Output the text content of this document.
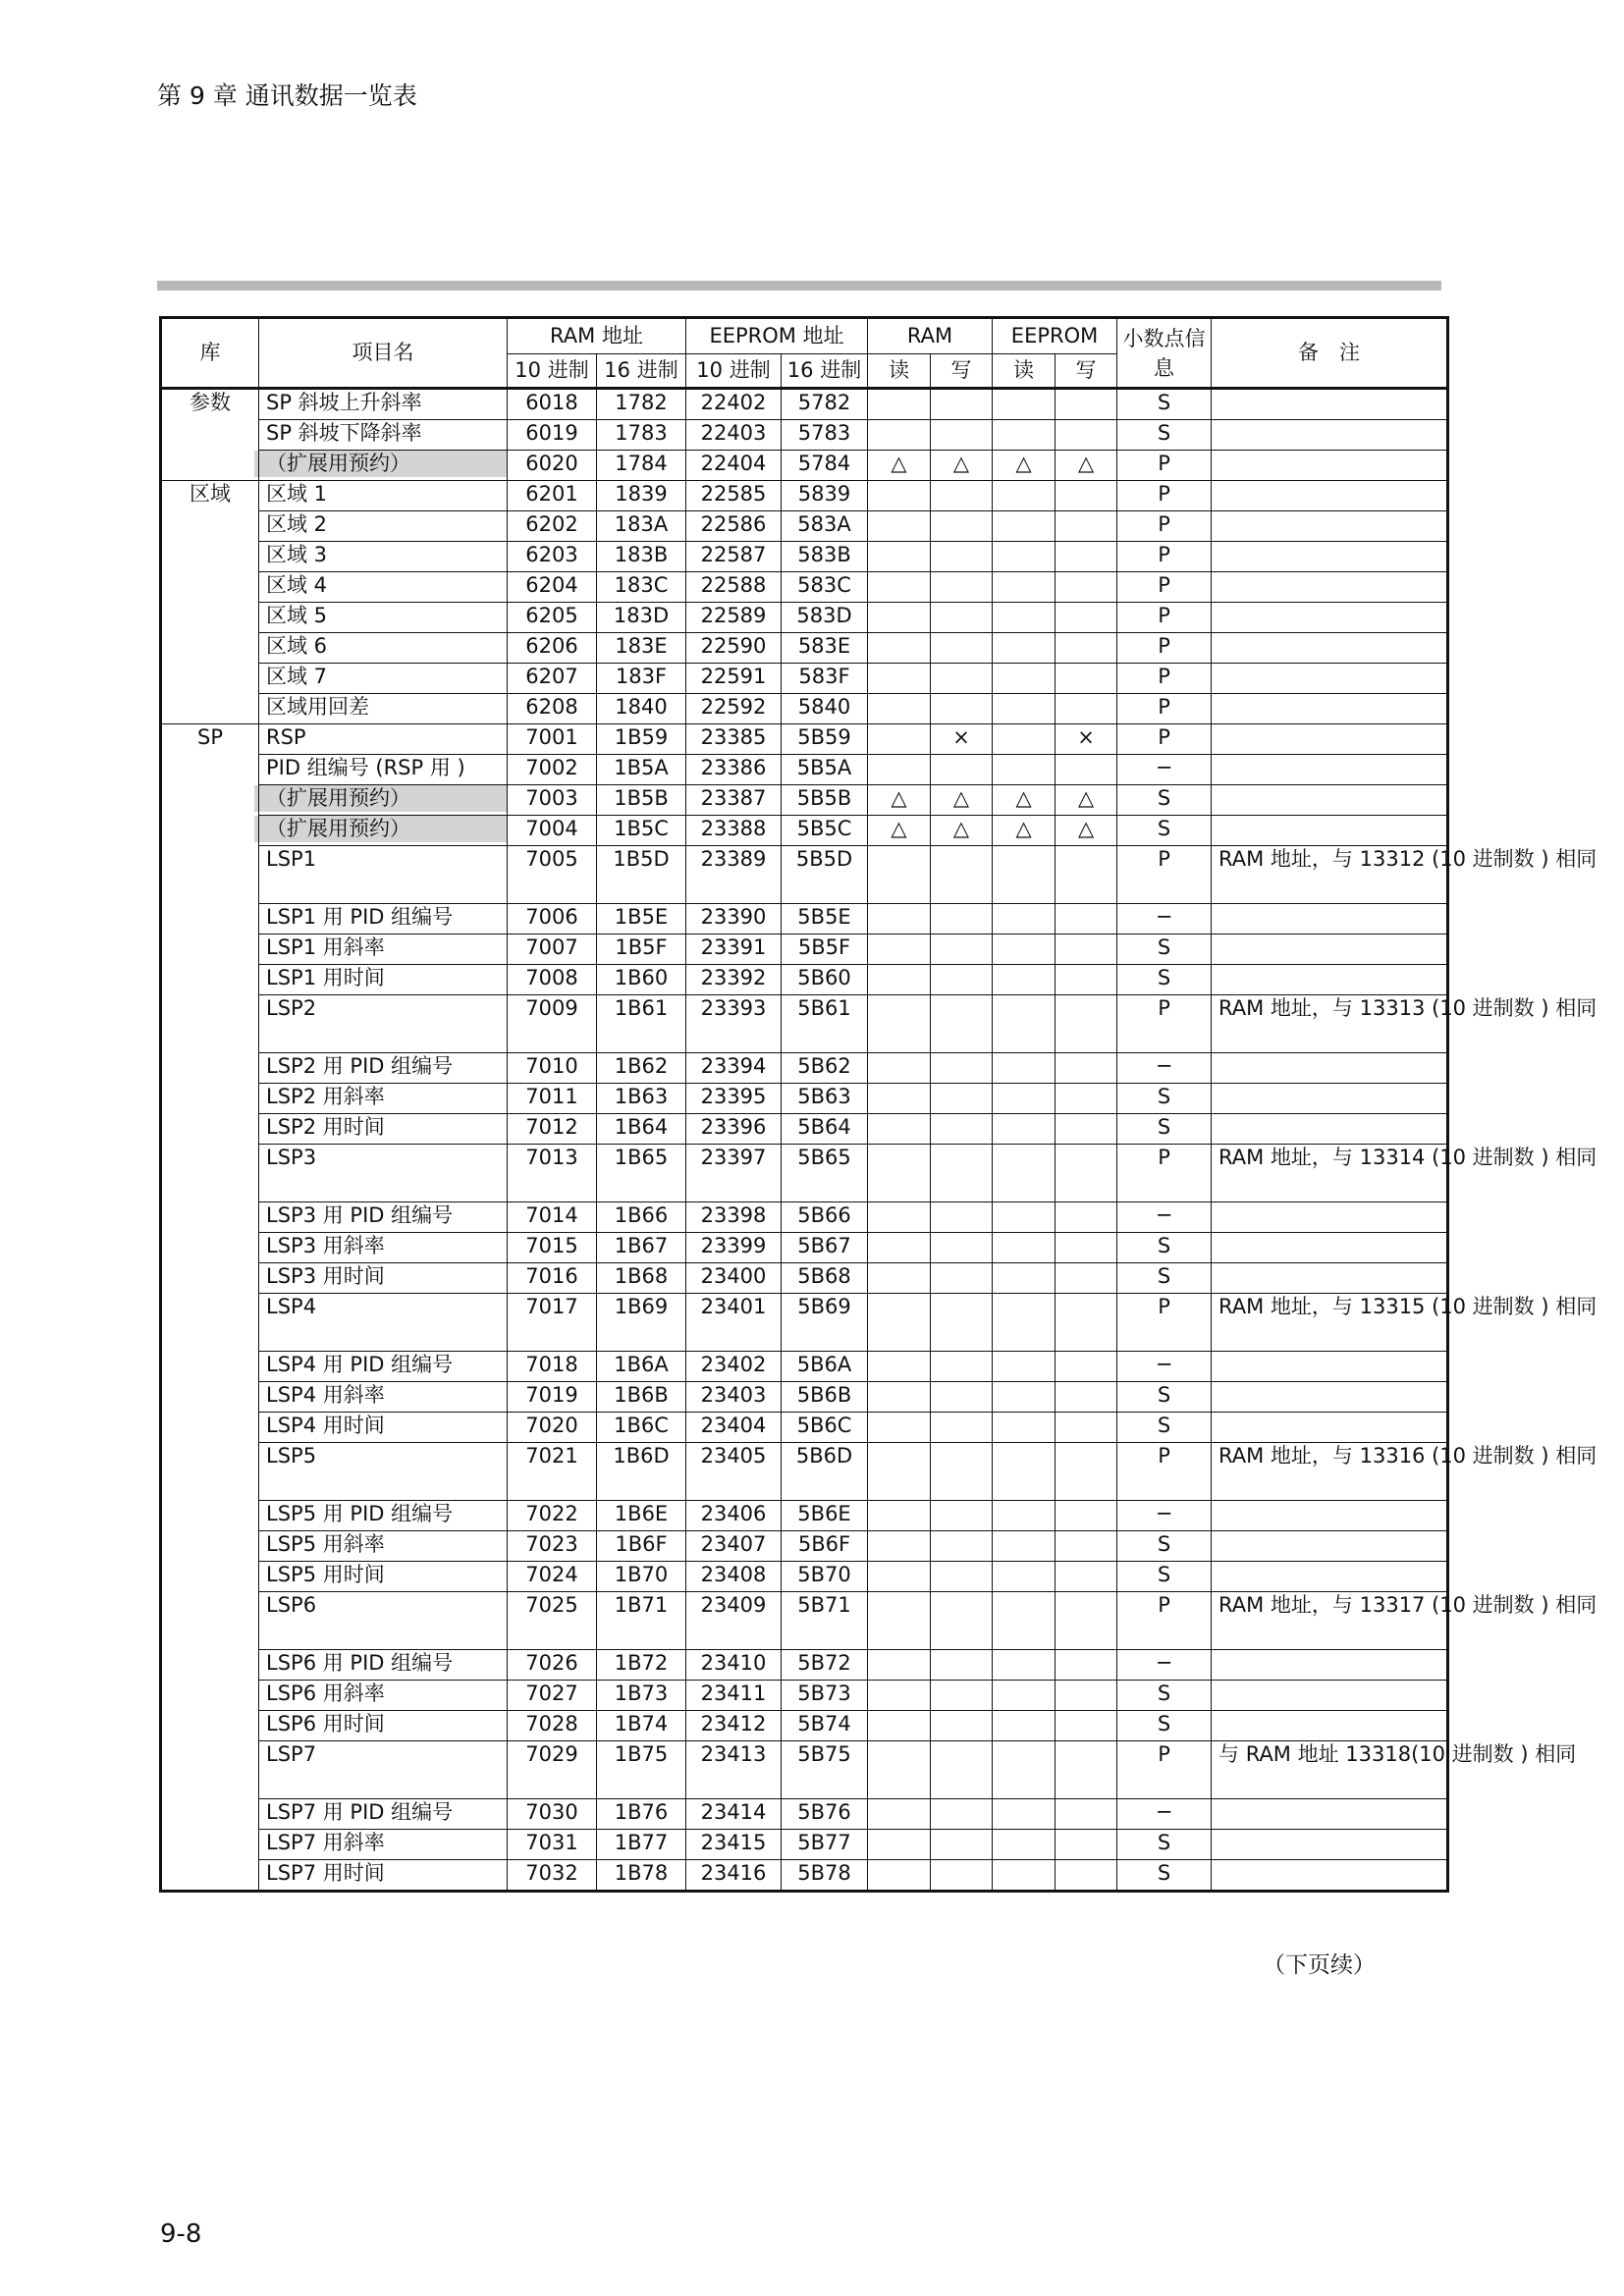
第 9 章 通讯数据一览表
库	项目名	RAM 地址		EEPROM 地址		RAM		EEPROM		小数点信 息	备　注
		10 进制	16 进制	10 进制	16 进制	读	写	读	写		
参数	SP 斜坡上升斜率	6018	1782	22402	5782					S	
	SP 斜坡下降斜率	6019	1783	22403	5783					S	

	（扩展用预约）	6020	1784	22404	5784	△	△	△	△	P	
区域	区域 1	6201	1839	22585	5839					P	
	区域 2	6202	183A	22586	583A					P	
	区域 3	6203	183B	22587	583B					P	
	区域 4	6204	183C	22588	583C					P	
	区域 5	6205	183D	22589	583D					P	
	区域 6	6206	183E	22590	583E					P	
	区域 7	6207	183F	22591	583F					P	
	区域用回差	6208	1840	22592	5840					P	
SP	RSP	7001	1B59	23385	5B59		×		×	P	
	PID 组编号 (RSP 用 )	7002	1B5A	23386	5B5A					─	

	（扩展用预约）	7003	1B5B	23387	5B5B	△	△	△	△	S	

	（扩展用预约）	7004	1B5C	23388	5B5C	△	△	△	△	S	
	LSP1	7005	1B5D	23389	5B5D					P	RAM 地址，与 13312 (10 进制数 ) 相同
	LSP1 用 PID 组编号	7006	1B5E	23390	5B5E					─	
	LSP1 用斜率	7007	1B5F	23391	5B5F					S	
	LSP1 用时间	7008	1B60	23392	5B60					S	
	LSP2	7009	1B61	23393	5B61					P	RAM 地址，与 13313 (10 进制数 ) 相同
	LSP2 用 PID 组编号	7010	1B62	23394	5B62					─	
	LSP2 用斜率	7011	1B63	23395	5B63					S	
	LSP2 用时间	7012	1B64	23396	5B64					S	
	LSP3	7013	1B65	23397	5B65					P	RAM 地址，与 13314 (10 进制数 ) 相同
	LSP3 用 PID 组编号	7014	1B66	23398	5B66					─	
	LSP3 用斜率	7015	1B67	23399	5B67					S	
	LSP3 用时间	7016	1B68	23400	5B68					S	
	LSP4	7017	1B69	23401	5B69					P	RAM 地址，与 13315 (10 进制数 ) 相同
	LSP4 用 PID 组编号	7018	1B6A	23402	5B6A					─	
	LSP4 用斜率	7019	1B6B	23403	5B6B					S	
	LSP4 用时间	7020	1B6C	23404	5B6C					S	
	LSP5	7021	1B6D	23405	5B6D					P	RAM 地址，与 13316 (10 进制数 ) 相同
	LSP5 用 PID 组编号	7022	1B6E	23406	5B6E					─	
	LSP5 用斜率	7023	1B6F	23407	5B6F					S	
	LSP5 用时间	7024	1B70	23408	5B70					S	
	LSP6	7025	1B71	23409	5B71					P	RAM 地址，与 13317 (10 进制数 ) 相同
	LSP6 用 PID 组编号	7026	1B72	23410	5B72					─	
	LSP6 用斜率	7027	1B73	23411	5B73					S	
	LSP6 用时间	7028	1B74	23412	5B74					S	
	LSP7	7029	1B75	23413	5B75					P	与 RAM 地址 13318(10 进制数 ) 相同
	LSP7 用 PID 组编号	7030	1B76	23414	5B76					─	
	LSP7 用斜率	7031	1B77	23415	5B77					S	
	LSP7 用时间	7032	1B78	23416	5B78					S	
（下页续）
9-8
